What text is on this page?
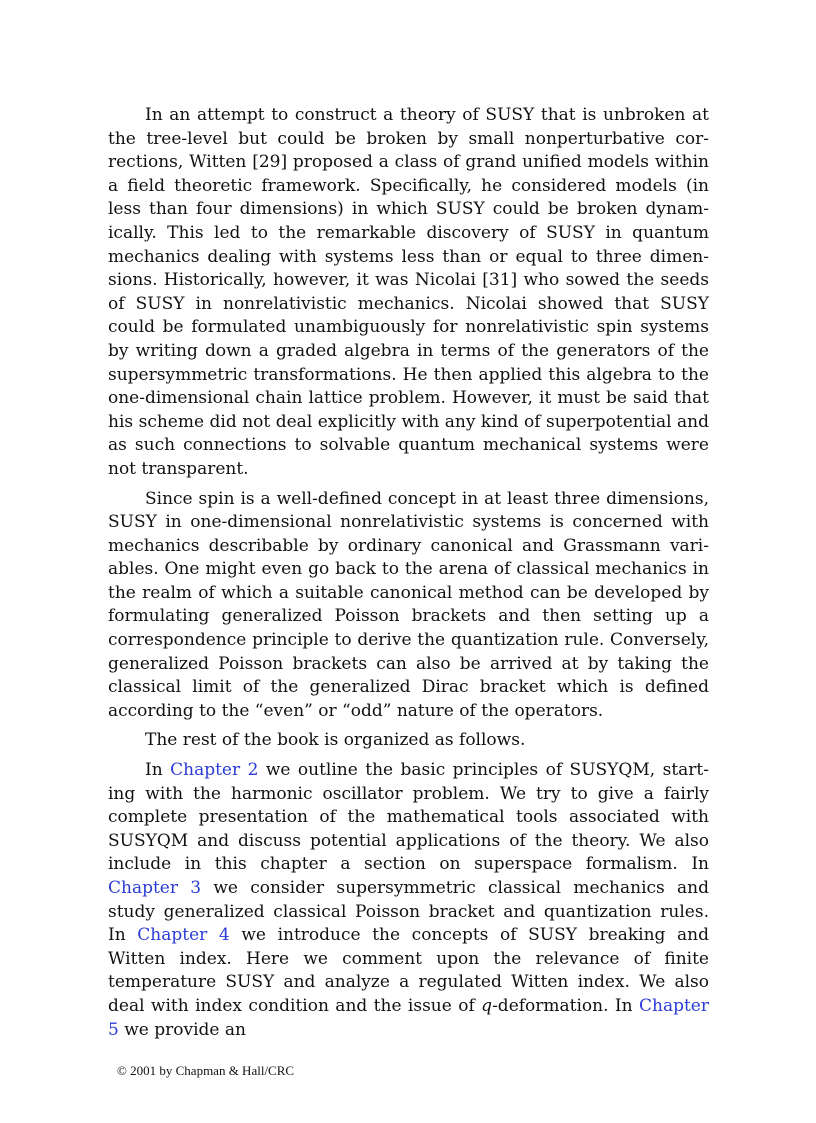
In an attempt to construct a theory of SUSY that is unbroken at the tree-level but could be broken by small nonperturbative corrections, Witten [29] proposed a class of grand unified models within a field theoretic framework. Specifically, he considered models (in less than four dimensions) in which SUSY could be broken dynamically. This led to the remarkable discovery of SUSY in quantum mechanics dealing with systems less than or equal to three dimensions. Historically, however, it was Nicolai [31] who sowed the seeds of SUSY in nonrelativistic mechanics. Nicolai showed that SUSY could be formulated unambiguously for nonrelativistic spin systems by writing down a graded algebra in terms of the generators of the supersymmetric transformations. He then applied this algebra to the one-dimensional chain lattice problem. However, it must be said that his scheme did not deal explicitly with any kind of superpotential and as such connections to solvable quantum mechanical systems were not transparent.

Since spin is a well-defined concept in at least three dimensions, SUSY in one-dimensional nonrelativistic systems is concerned with mechanics describable by ordinary canonical and Grassmann variables. One might even go back to the arena of classical mechanics in the realm of which a suitable canonical method can be developed by formulating generalized Poisson brackets and then setting up a correspondence principle to derive the quantization rule. Conversely, generalized Poisson brackets can also be arrived at by taking the classical limit of the generalized Dirac bracket which is defined according to the “even” or “odd” nature of the operators.

The rest of the book is organized as follows.

In Chapter 2 we outline the basic principles of SUSYQM, starting with the harmonic oscillator problem. We try to give a fairly complete presentation of the mathematical tools associated with SUSYQM and discuss potential applications of the theory. We also include in this chapter a section on superspace formalism. In Chapter 3 we consider supersymmetric classical mechanics and study generalized classical Poisson bracket and quantization rules. In Chapter 4 we introduce the concepts of SUSY breaking and Witten index. Here we comment upon the relevance of finite temperature SUSY and analyze a regulated Witten index. We also deal with index condition and the issue of q-deformation. In Chapter 5 we provide an

© 2001 by Chapman & Hall/CRC
